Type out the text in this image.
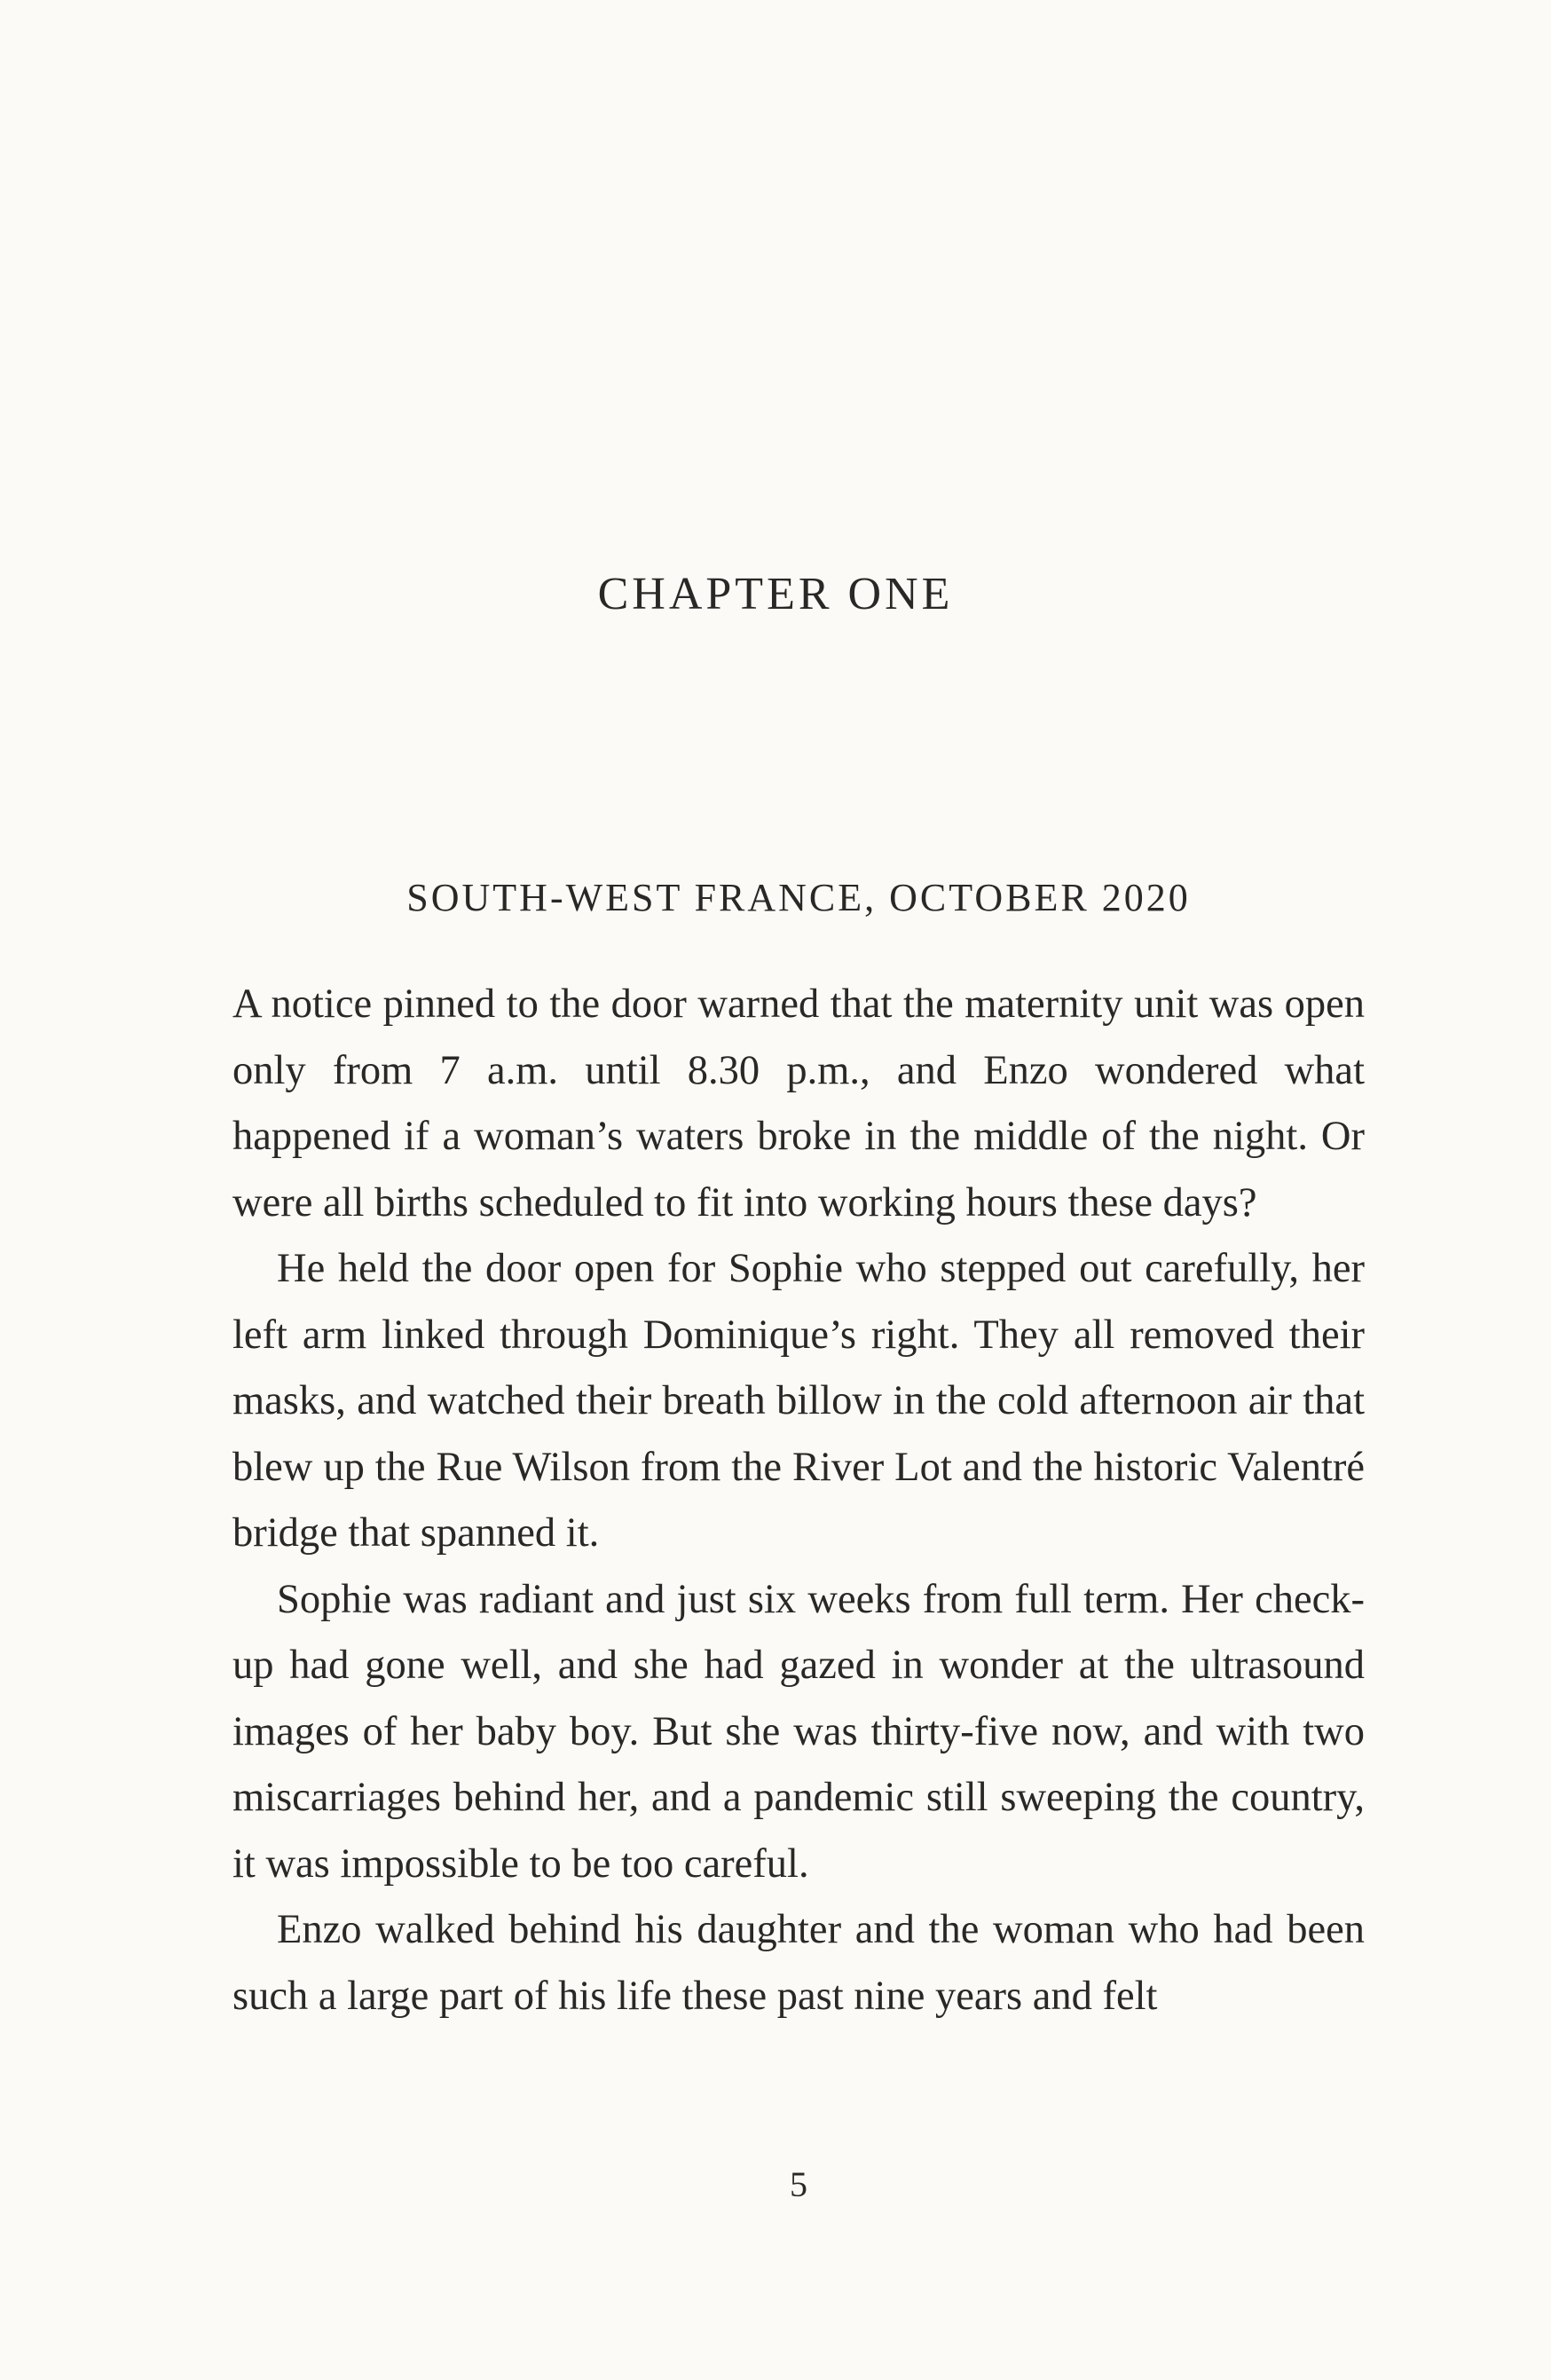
CHAPTER ONE
SOUTH-WEST FRANCE, OCTOBER 2020

A notice pinned to the door warned that the maternity unit was open only from 7 a.m. until 8.30 p.m., and Enzo wondered what happened if a woman’s waters broke in the middle of the night. Or were all births scheduled to fit into working hours these days?

He held the door open for Sophie who stepped out carefully, her left arm linked through Dominique’s right. They all removed their masks, and watched their breath billow in the cold afternoon air that blew up the Rue Wilson from the River Lot and the historic Valentré bridge that spanned it.

Sophie was radiant and just six weeks from full term. Her check-up had gone well, and she had gazed in wonder at the ultrasound images of her baby boy. But she was thirty-five now, and with two miscarriages behind her, and a pandemic still sweeping the country, it was impossible to be too careful.

Enzo walked behind his daughter and the woman who had been such a large part of his life these past nine years and felt

5
